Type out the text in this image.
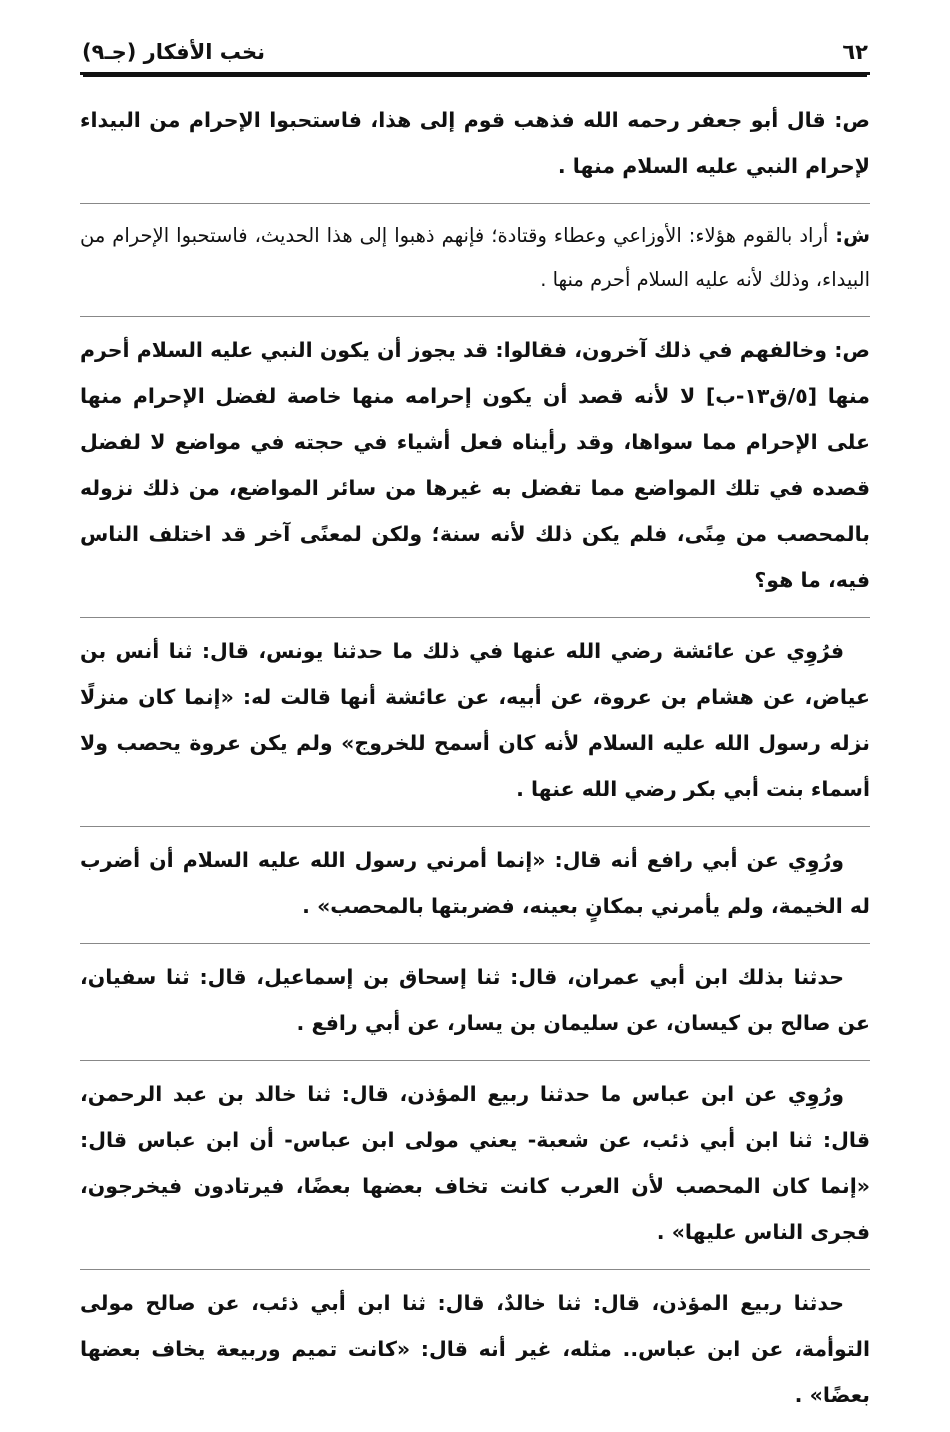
٦٢
نخب الأفكار (جـ٩)

ص: قال أبو جعفر رحمه الله فذهب قوم إلى هذا، فاستحبوا الإحرام من البيداء لإحرام النبي عليه السلام منها .

ش: أراد بالقوم هؤلاء: الأوزاعي وعطاء وقتادة؛ فإنهم ذهبوا إلى هذا الحديث، فاستحبوا الإحرام من البيداء، وذلك لأنه عليه السلام أحرم منها .

ص: وخالفهم في ذلك آخرون، فقالوا: قد يجوز أن يكون النبي عليه السلام أحرم منها [٥/ق١٣-ب] لا لأنه قصد أن يكون إحرامه منها خاصة لفضل الإحرام منها على الإحرام مما سواها، وقد رأيناه فعل أشياء في حجته في مواضع لا لفضل قصده في تلك المواضع مما تفضل به غيرها من سائر المواضع، من ذلك نزوله بالمحصب من مِنًى، فلم يكن ذلك لأنه سنة؛ ولكن لمعنًى آخر قد اختلف الناس فيه، ما هو؟

فرُوِي عن عائشة رضي الله عنها في ذلك ما حدثنا يونس، قال: ثنا أنس بن عياض، عن هشام بن عروة، عن أبيه، عن عائشة أنها قالت له: «إنما كان منزلًا نزله رسول الله عليه السلام لأنه كان أسمح للخروج» ولم يكن عروة يحصب ولا أسماء بنت أبي بكر رضي الله عنها .

ورُوِي عن أبي رافع أنه قال: «إنما أمرني رسول الله عليه السلام أن أضرب له الخيمة، ولم يأمرني بمكانٍ بعينه، فضربتها بالمحصب» .

حدثنا بذلك ابن أبي عمران، قال: ثنا إسحاق بن إسماعيل، قال: ثنا سفيان، عن صالح بن كيسان، عن سليمان بن يسار، عن أبي رافع .

ورُوِي عن ابن عباس ما حدثنا ربيع المؤذن، قال: ثنا خالد بن عبد الرحمن، قال: ثنا ابن أبي ذئب، عن شعبة- يعني مولى ابن عباس- أن ابن عباس قال: «إنما كان المحصب لأن العرب كانت تخاف بعضها بعضًا، فيرتادون فيخرجون، فجرى الناس عليها» .

حدثنا ربيع المؤذن، قال: ثنا خالدٌ، قال: ثنا ابن أبي ذئب، عن صالح مولى التوأمة، عن ابن عباس.. مثله، غير أنه قال: «كانت تميم وربيعة يخاف بعضها بعضًا» .
